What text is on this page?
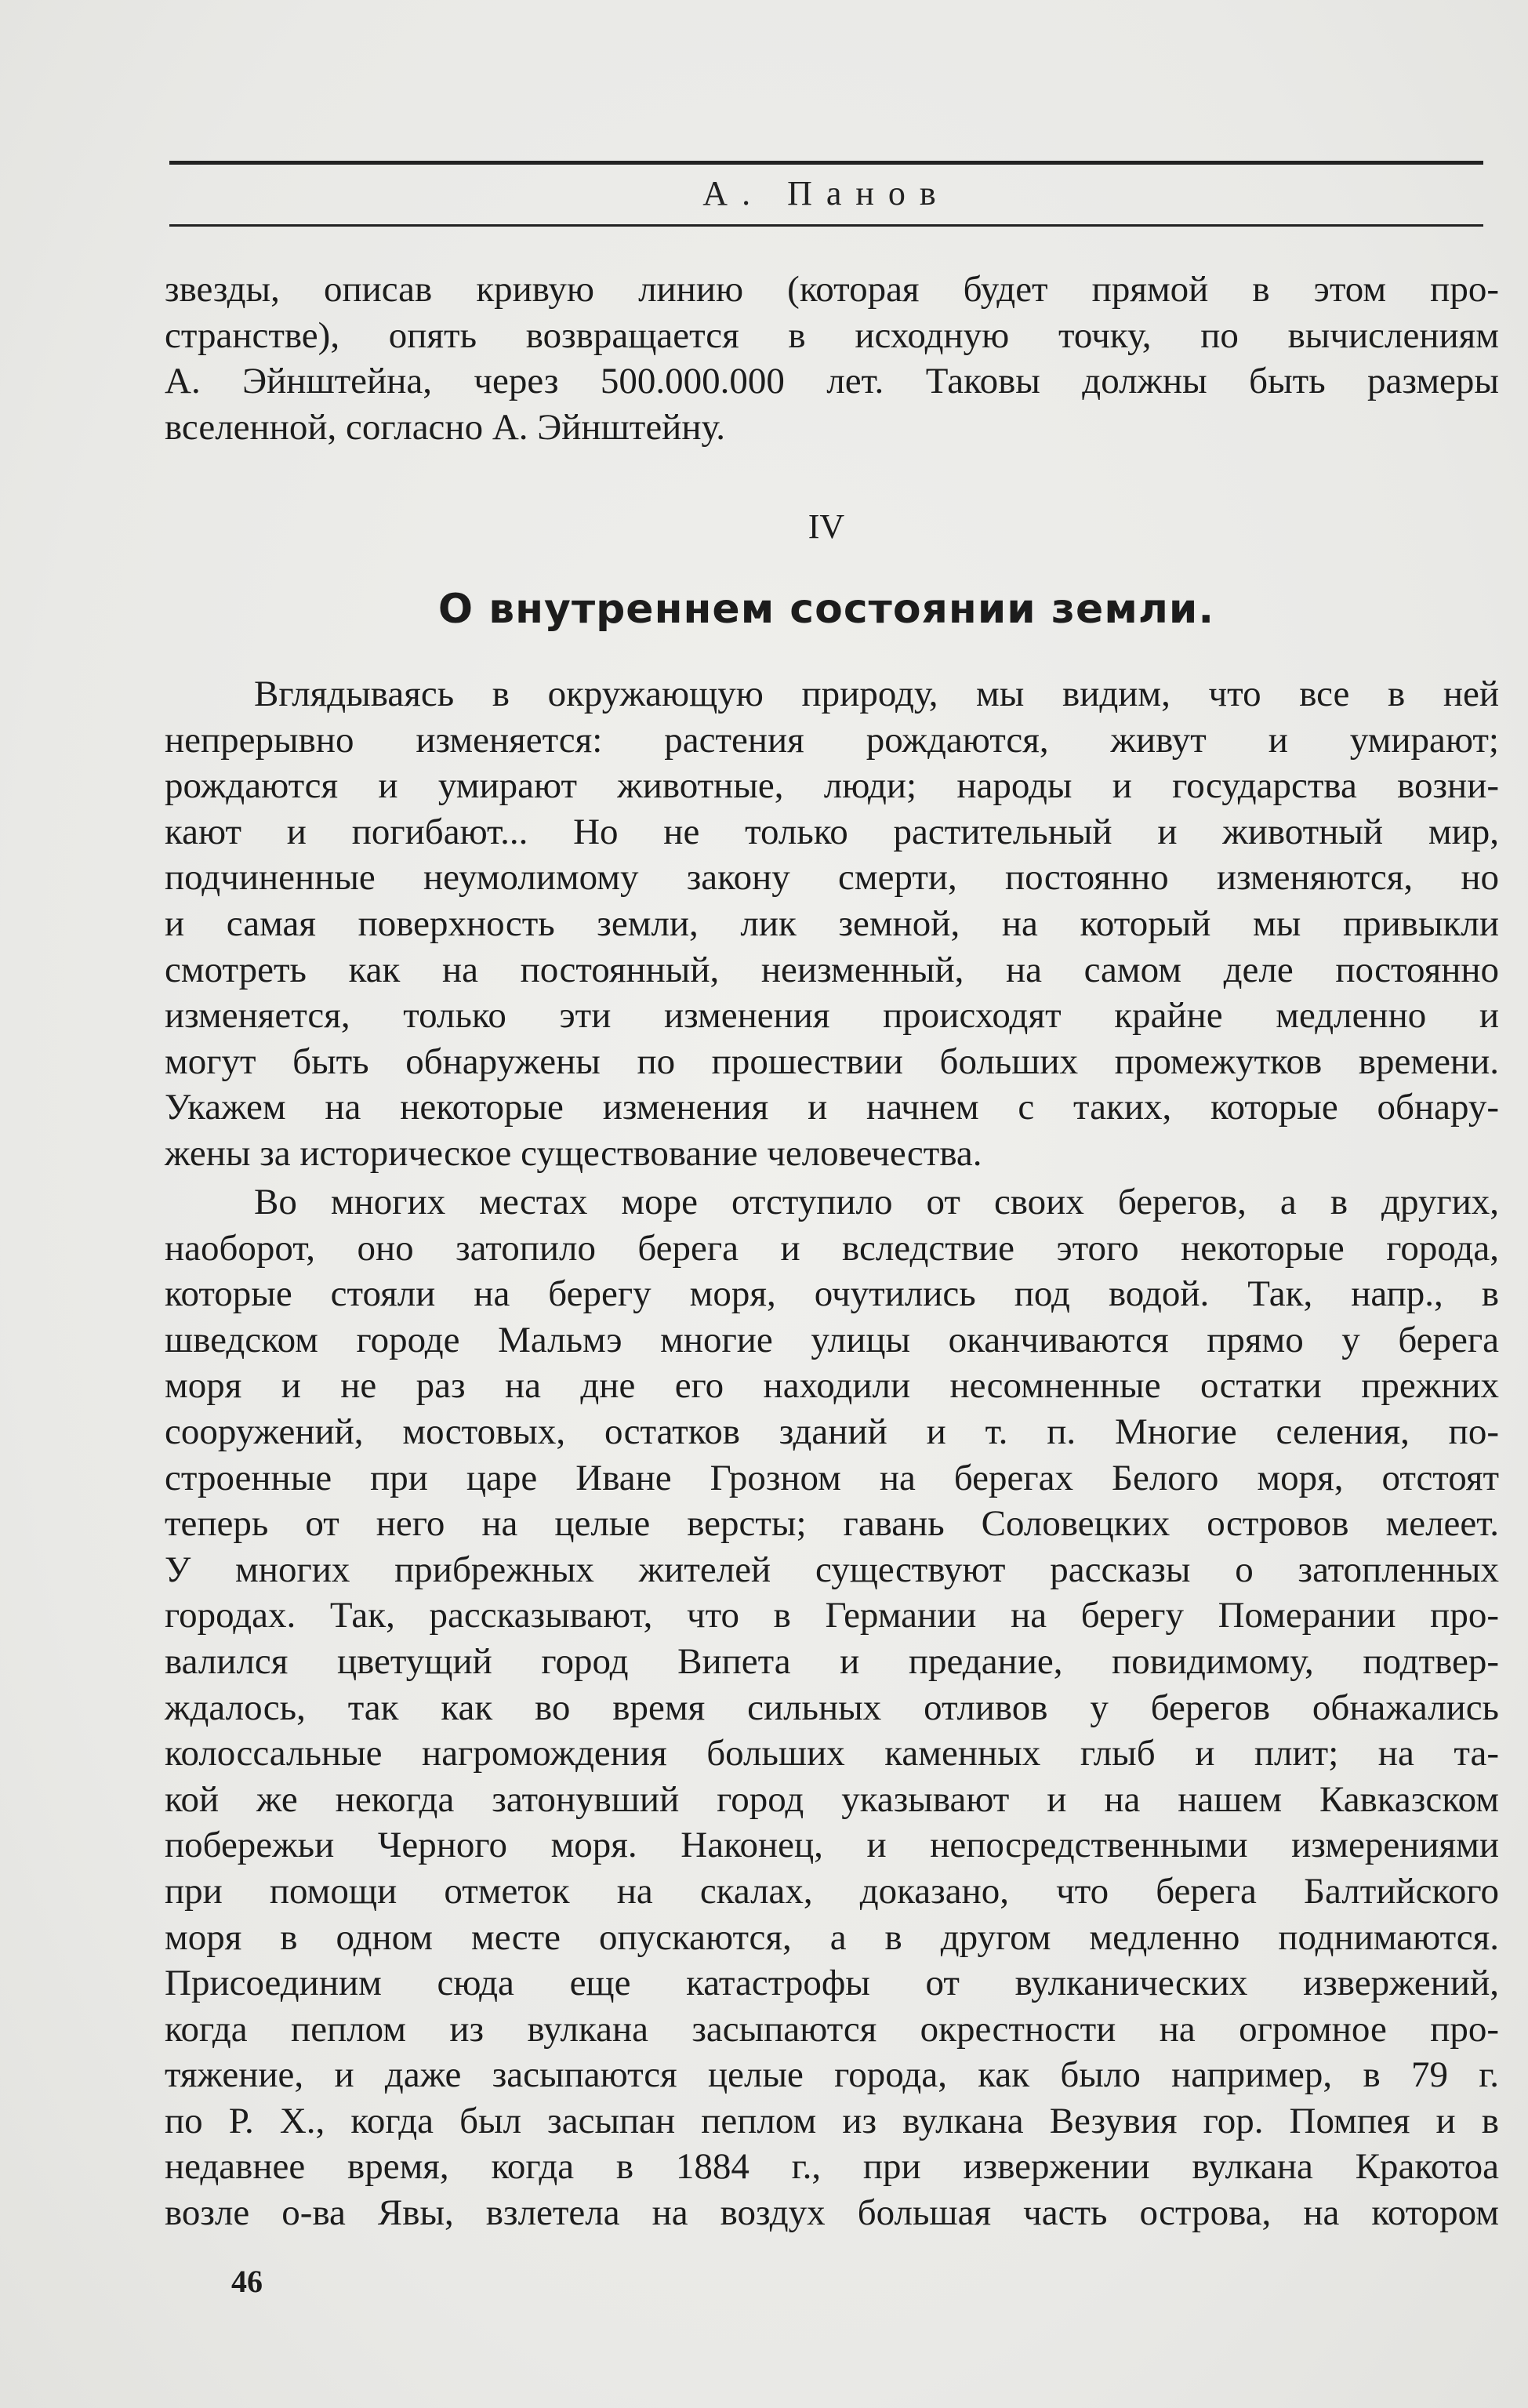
А. Панов
звезды, описав кривую линию (которая будет прямой в этом про-
странстве), опять возвращается в исходную точку, по вычислениям
А. Эйнштейна, через 500.000.000 лет. Таковы должны быть размеры
вселенной, согласно А. Эйнштейну.
IV
О внутреннем состоянии земли.
Вглядываясь в окружающую природу, мы видим, что все в ней
непрерывно изменяется: растения рождаются, живут и умирают;
рождаются и умирают животные, люди; народы и государства возни-
кают и погибают... Но не только растительный и животный мир,
подчиненные неумолимому закону смерти, постоянно изменяются, но
и самая поверхность земли, лик земной, на который мы привыкли
смотреть как на постоянный, неизменный, на самом деле постоянно
изменяется, только эти изменения происходят крайне медленно и
могут быть обнаружены по прошествии больших промежутков времени.
Укажем на некоторые изменения и начнем с таких, которые обнару-
жены за историческое существование человечества.
Во многих местах море отступило от своих берегов, а в других,
наоборот, оно затопило берега и вследствие этого некоторые города,
которые стояли на берегу моря, очутились под водой. Так, напр., в
шведском городе Мальмэ многие улицы оканчиваются прямо у берега
моря и не раз на дне его находили несомненные остатки прежних
сооружений, мостовых, остатков зданий и т. п. Многие селения, по-
строенные при царе Иване Грозном на берегах Белого моря, отстоят
теперь от него на целые версты; гавань Соловецких островов мелеет.
У многих прибрежных жителей существуют рассказы о затопленных
городах. Так, рассказывают, что в Германии на берегу Померании про-
валился цветущий город Випета и предание, повидимому, подтвер-
ждалось, так как во время сильных отливов у берегов обнажались
колоссальные нагромождения больших каменных глыб и плит; на та-
кой же некогда затонувший город указывают и на нашем Кавказском
побережьи Черного моря. Наконец, и непосредственными измерениями
при помощи отметок на скалах, доказано, что берега Балтийского
моря в одном месте опускаются, а в другом медленно поднимаются.
Присоединим сюда еще катастрофы от вулканических извержений,
когда пеплом из вулкана засыпаются окрестности на огромное про-
тяжение, и даже засыпаются целые города, как было например, в 79 г.
по Р. Х., когда был засыпан пеплом из вулкана Везувия гор. Помпея и в
недавнее время, когда в 1884 г., при извержении вулкана Кракотоа
возле о-ва Явы, взлетела на воздух большая часть острова, на котором
46
